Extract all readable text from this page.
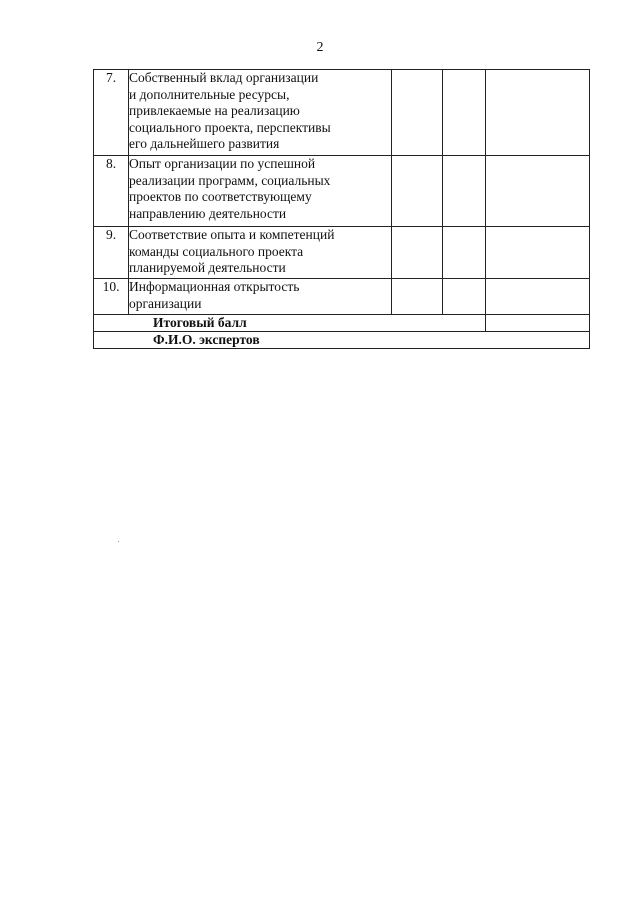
2
7.	Собственный вклад организации
и дополнительные ресурсы,
привлекаемые на реализацию
социального проекта, перспективы
его дальнейшего развития			

8.	Опыт организации по успешной
реализации программ, социальных
проектов по соответствующему
направлению деятельности			

9.	Соответствие опыта и компетенций
команды социального проекта
планируемой деятельности			

10.	Информационная открытость
организации			

Итоговый балл				
Ф.И.О. экспертов				
